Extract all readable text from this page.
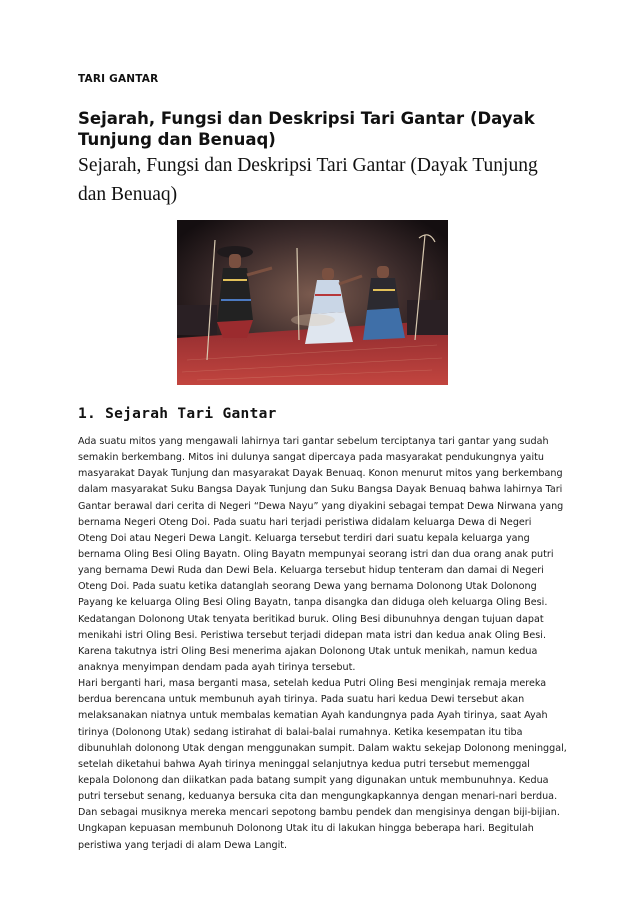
TARI GANTAR
Sejarah, Fungsi dan Deskripsi Tari Gantar (Dayak Tunjung dan Benuaq)
Sejarah, Fungsi dan Deskripsi Tari Gantar (Dayak Tunjung dan Benuaq)
1. Sejarah Tari Gantar
Ada suatu mitos yang mengawali lahirnya tari gantar sebelum terciptanya tari gantar yang sudah
semakin berkembang. Mitos ini dulunya sangat dipercaya pada masyarakat pendukungnya yaitu
masyarakat Dayak Tunjung dan masyarakat Dayak Benuaq. Konon menurut mitos yang berkembang
dalam masyarakat Suku Bangsa Dayak Tunjung dan Suku Bangsa Dayak Benuaq bahwa lahirnya Tari
Gantar berawal dari cerita di Negeri “Dewa Nayu” yang diyakini sebagai tempat Dewa Nirwana yang
bernama Negeri Oteng Doi. Pada suatu hari terjadi peristiwa didalam keluarga Dewa di Negeri
Oteng Doi atau Negeri Dewa Langit. Keluarga tersebut terdiri dari suatu kepala keluarga yang
bernama Oling Besi Oling Bayatn. Oling Bayatn mempunyai seorang istri dan dua orang anak putri
yang bernama Dewi Ruda dan Dewi Bela. Keluarga tersebut hidup tenteram dan damai di Negeri
Oteng Doi. Pada suatu ketika datanglah seorang Dewa yang bernama Dolonong Utak Dolonong
Payang ke keluarga Oling Besi Oling Bayatn, tanpa disangka dan diduga oleh keluarga Oling Besi.
Kedatangan Dolonong Utak tenyata beritikad buruk. Oling Besi dibunuhnya dengan tujuan dapat
menikahi istri Oling Besi. Peristiwa tersebut terjadi didepan mata istri dan kedua anak Oling Besi.
Karena takutnya istri Oling Besi menerima ajakan Dolonong Utak untuk menikah, namun kedua
anaknya menyimpan dendam pada ayah tirinya tersebut.
Hari berganti hari, masa berganti masa, setelah kedua Putri Oling Besi menginjak remaja mereka
berdua berencana untuk membunuh ayah tirinya. Pada suatu hari kedua Dewi tersebut akan
melaksanakan niatnya untuk membalas kematian Ayah kandungnya pada Ayah tirinya, saat Ayah
tirinya (Dolonong Utak) sedang istirahat di balai-balai rumahnya. Ketika kesempatan itu tiba
dibunuhlah dolonong Utak dengan menggunakan sumpit. Dalam waktu sekejap Dolonong meninggal,
setelah diketahui bahwa Ayah tirinya meninggal selanjutnya kedua putri tersebut memenggal
kepala Dolonong dan diikatkan pada batang sumpit yang digunakan untuk membunuhnya. Kedua
putri tersebut senang, keduanya bersuka cita dan mengungkapkannya dengan menari-nari berdua.
Dan sebagai musiknya mereka mencari sepotong bambu pendek dan mengisinya dengan biji-bijian.
Ungkapan kepuasan membunuh Dolonong Utak itu di lakukan hingga beberapa hari. Begitulah
peristiwa yang terjadi di alam Dewa Langit.
